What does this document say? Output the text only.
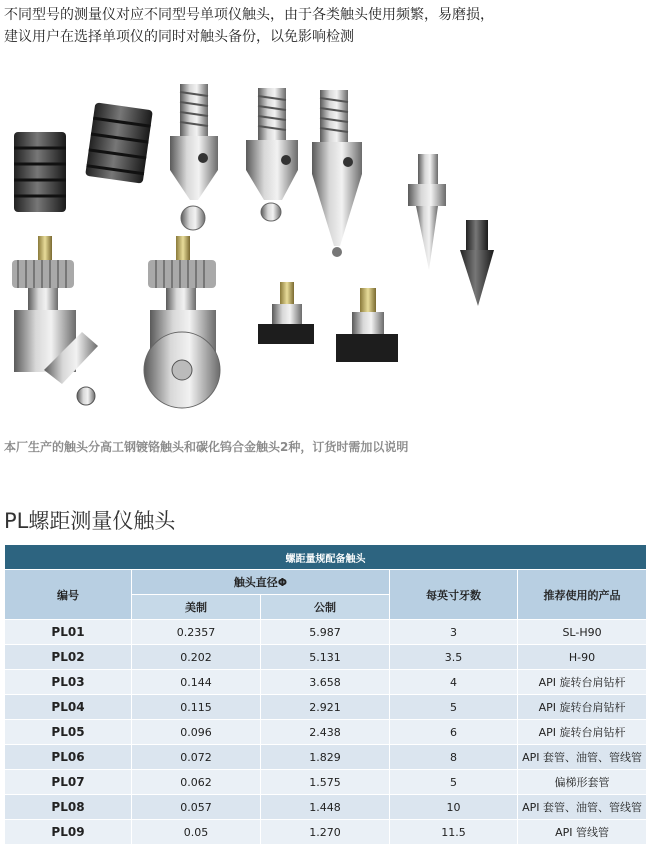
不同型号的测量仪对应不同型号单项仪触头，由于各类触头使用频繁，易磨损，
建议用户在选择单项仪的同时对触头备份，以免影响检测
本厂生产的触头分高工钢镀铬触头和碳化钨合金触头2种，订货时需加以说明
PL螺距测量仪触头
螺距量规配备触头				
编号	触头直径Φ		每英寸牙数	推荐使用的产品
	美制	公制		
PL01	0.2357	5.987	3	SL-H90
PL02	0.202	5.131	3.5	H-90
PL03	0.144	3.658	4	API 旋转台肩钻杆
PL04	0.115	2.921	5	API 旋转台肩钻杆
PL05	0.096	2.438	6	API 旋转台肩钻杆
PL06	0.072	1.829	8	API 套管、油管、管线管
PL07	0.062	1.575	5	偏梯形套管
PL08	0.057	1.448	10	API 套管、油管、管线管
PL09	0.05	1.270	11.5	API 管线管
